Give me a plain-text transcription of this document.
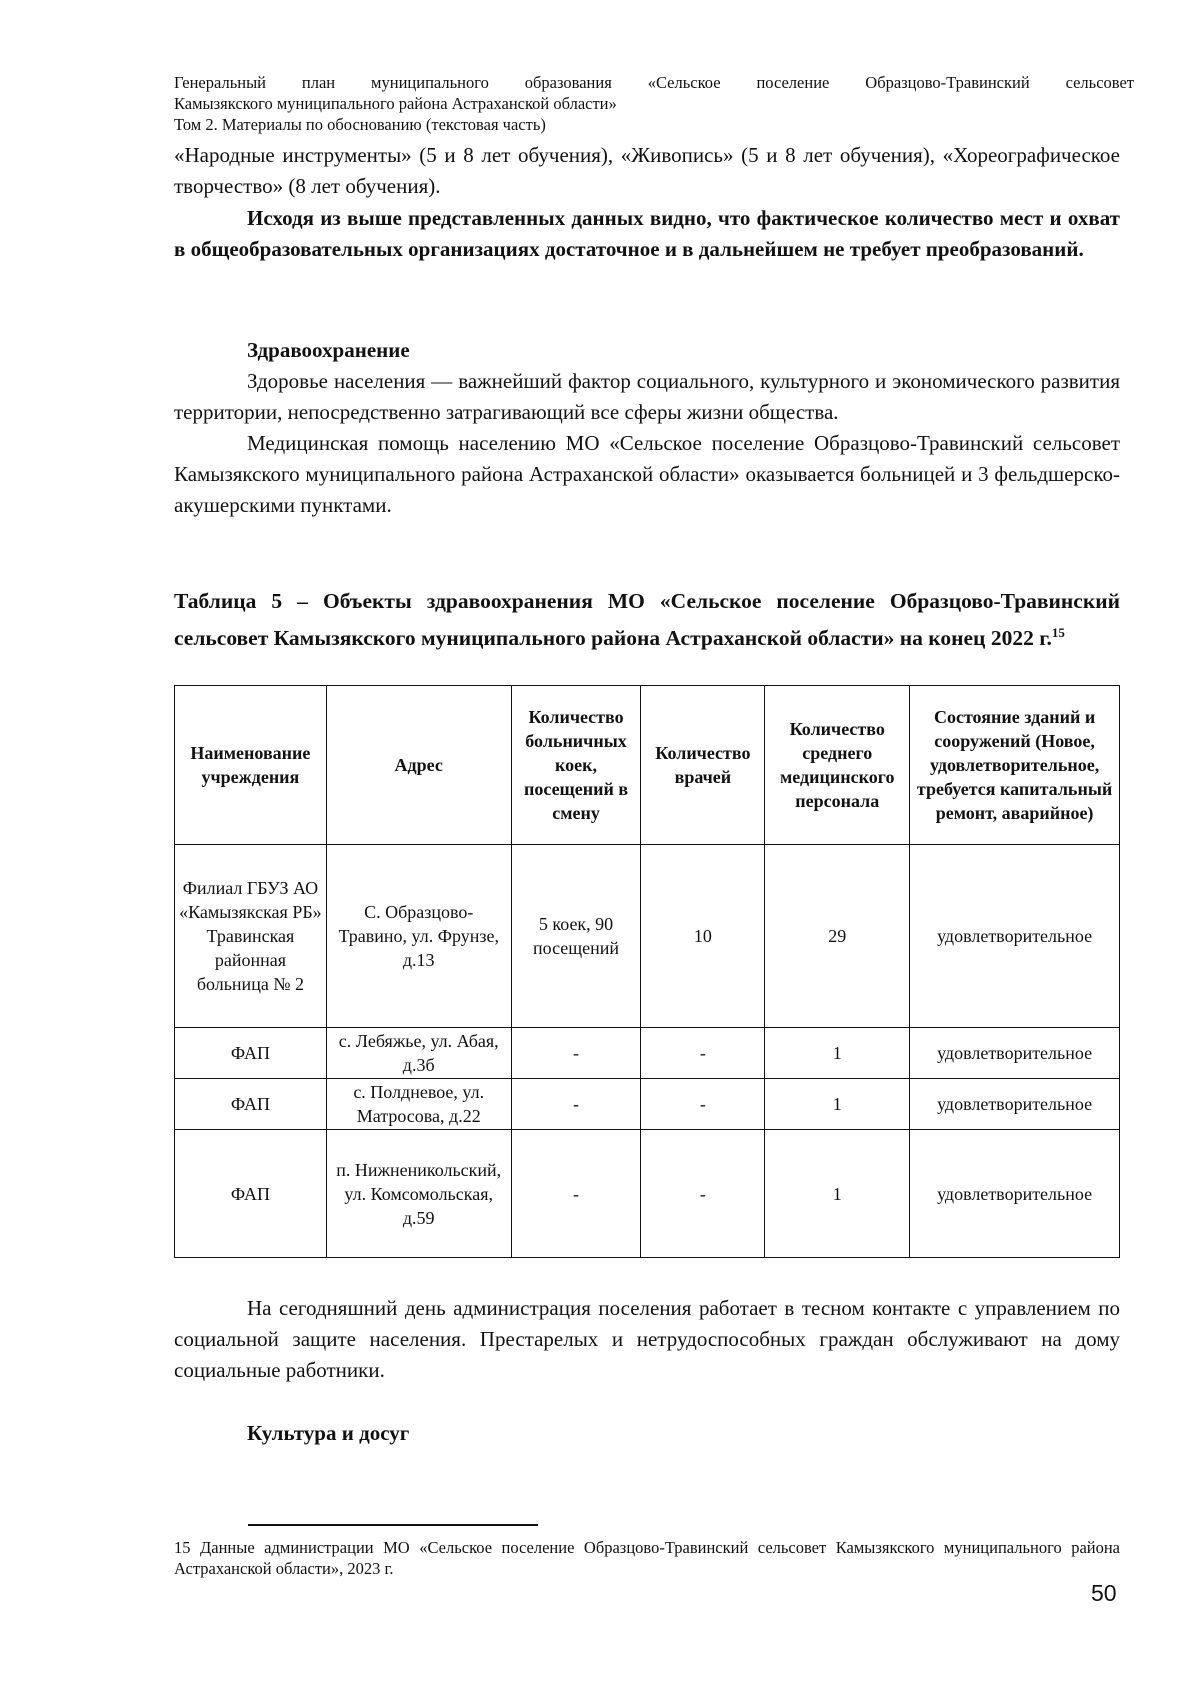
Генеральный план муниципального образования «Сельское поселение Образцово-Травинский сельсовет
Камызякского муниципального района Астраханской области»
Том 2. Материалы по обоснованию (текстовая часть)

«Народные инструменты» (5 и 8 лет обучения), «Живопись» (5 и 8 лет обучения), «Хореографическое творчество» (8 лет обучения).

Исходя из выше представленных данных видно, что фактическое количество мест и охват в общеобразовательных организациях достаточное и в дальнейшем не требует преобразований.

Здравоохранение

Здоровье населения — важнейший фактор социального, культурного и экономического развития территории, непосредственно затрагивающий все сферы жизни общества.

Медицинская помощь населению МО «Сельское поселение Образцово-Травинский сельсовет Камызякского муниципального района Астраханской области» оказывается больницей и 3 фельдшерско-акушерскими пунктами.

Таблица 5 – Объекты здравоохранения МО «Сельское поселение Образцово-Травинский сельсовет Камызякского муниципального района Астраханской области» на конец 2022 г.$^{15}$

Наименование учреждения	Адрес	Количество больничных коек, посещений в смену	Количество врачей	Количество среднего медицинского персонала	Состояние зданий и сооружений (Новое, удовлетворительное, требуется капитальный ремонт, аварийное)
Филиал ГБУЗ АО «Камызякская РБ» Травинская районная больница № 2	С. Образцово-Травино, ул. Фрунзе, д.13	5 коек, 90 посещений	10	29	удовлетворительное
ФАП	с. Лебяжье, ул. Абая, д.3б	-	-	1	удовлетворительное
ФАП	с. Полдневое, ул. Матросова, д.22	-	-	1	удовлетворительное
ФАП	п. Нижненикольский, ул. Комсомольская, д.59	-	-	1	удовлетворительное

На сегодняшний день администрация поселения работает в тесном контакте с управлением по социальной защите населения. Престарелых и нетрудоспособных граждан обслуживают на дому социальные работники.

Культура и досуг

15 Данные администрации МО «Сельское поселение Образцово-Травинский сельсовет Камызякского муниципального района Астраханской области», 2023 г.
50
